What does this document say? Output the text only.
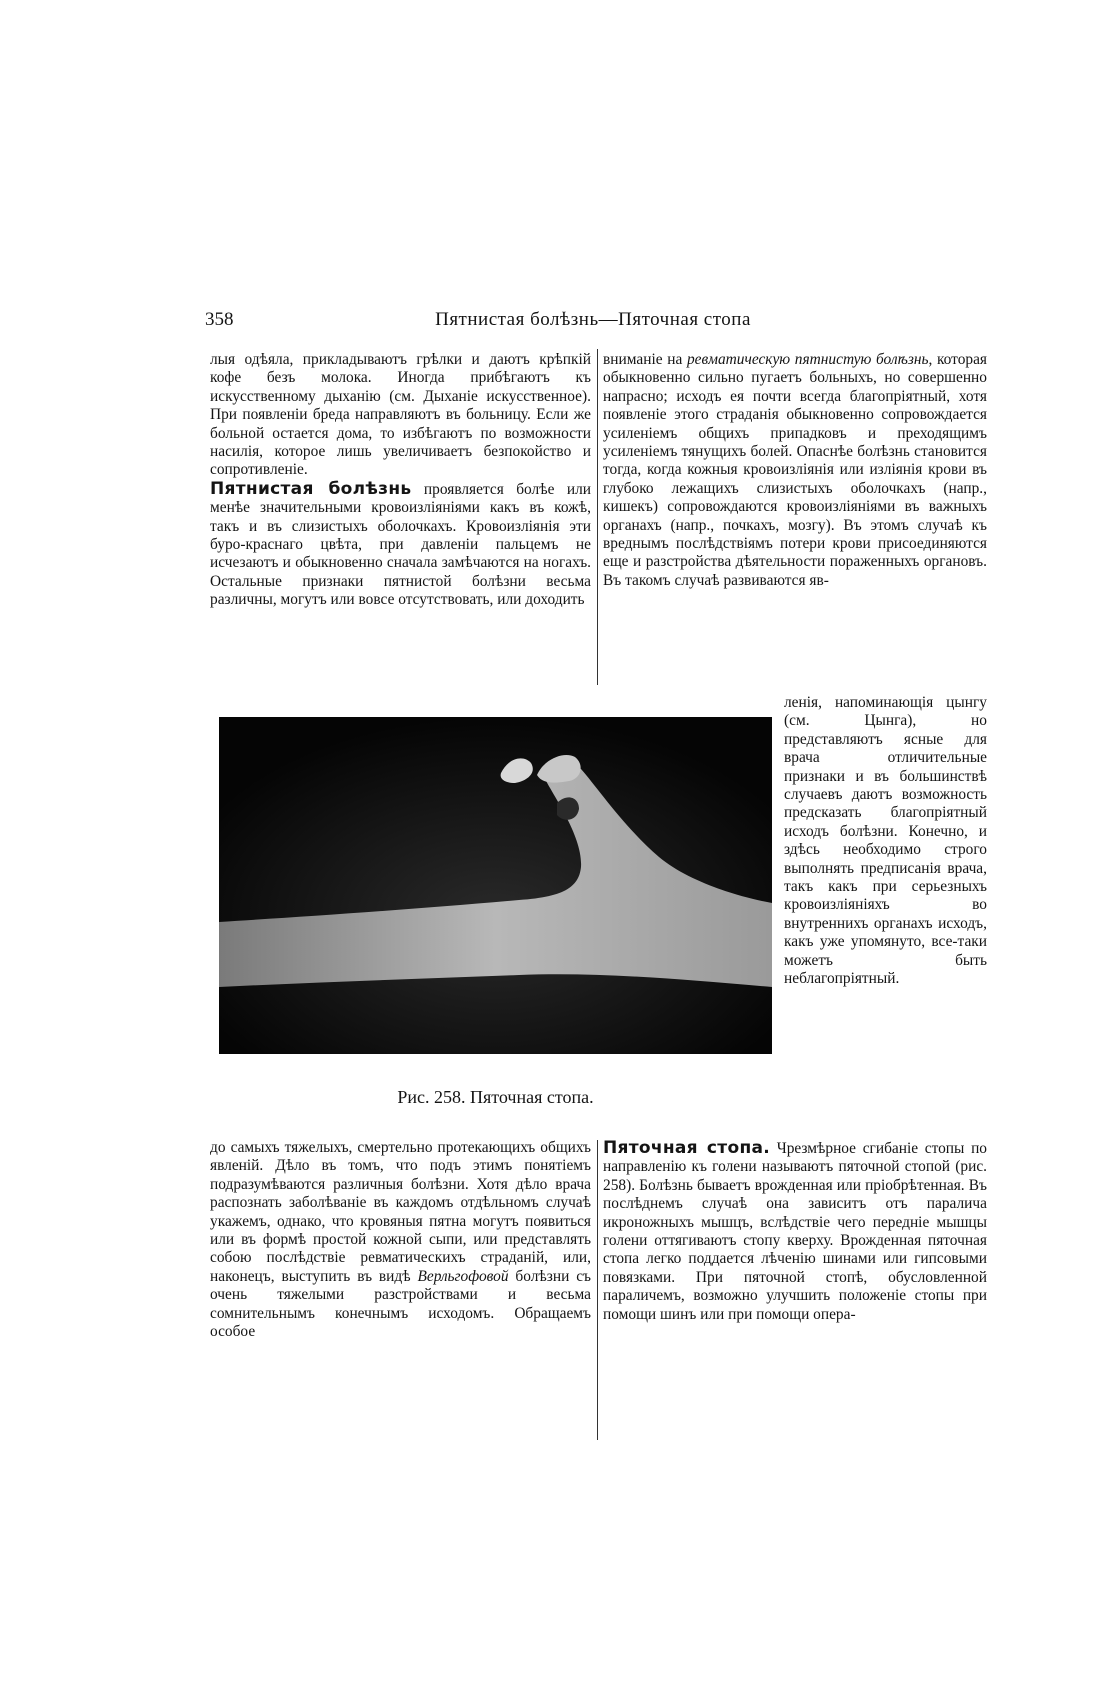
358	Пятнистая болѣзнь—Пяточная стопа

лыя одѣяла, прикладываютъ грѣлки и даютъ крѣпкій кофе безъ молока. Иногда прибѣгаютъ къ искусственному дыханію (см. Дыханіе искусственное). При появленіи бреда направляютъ въ больницу. Если же больной остается дома, то избѣгаютъ по возможности насилія, которое лишь увеличиваетъ безпокойство и сопротивленіе.

Пятнистая болѣзнь проявляется болѣе или менѣе значительными кровоизліяніями какъ въ кожѣ, такъ и въ слизистыхъ оболочкахъ. Кровоизліянія эти буро-краснаго цвѣта, при давленіи пальцемъ не исчезаютъ и обыкновенно сначала замѣчаются на ногахъ. Остальные признаки пятнистой болѣзни весьма различны, могутъ или вовсе отсутствовать, или доходить

вниманіе на ревматическую пятнистую болѣзнь, которая обыкновенно сильно пугаетъ больныхъ, но совершенно напрасно; исходъ ея почти всегда благопріятный, хотя появленіе этого страданія обыкновенно сопровождается усиленіемъ общихъ припадковъ и преходящимъ усиленіемъ тянущихъ болей. Опаснѣе болѣзнь становится тогда, когда кожныя кровоизліянія или изліянія крови въ глубоко лежащихъ слизистыхъ оболочкахъ (напр., кишекъ) сопровождаются кровоизліяніями въ важныхъ органахъ (напр., почкахъ, мозгу). Въ этомъ случаѣ къ вреднымъ послѣдствіямъ потери крови присоединяются еще и разстройства дѣятельности пораженныхъ органовъ. Въ такомъ случаѣ развиваются яв-

ленія, напоминающія цынгу (см. Цынга), но представляютъ ясные для врача отличительные признаки и въ большинствѣ случаевъ даютъ возможность предсказать благопріятный исходъ болѣзни. Конечно, и здѣсь необходимо строго выполнять предписанія врача, такъ какъ при серьезныхъ кровоизліяніяхъ во внутреннихъ органахъ исходъ, какъ уже упомянуто, все-таки можетъ быть неблагопріятный.

Рис. 258. Пяточная стопа.

до самыхъ тяжелыхъ, смертельно протекающихъ общихъ явленій. Дѣло въ томъ, что подъ этимъ понятіемъ подразумѣваются различныя болѣзни. Хотя дѣло врача распознать заболѣваніе въ каждомъ отдѣльномъ случаѣ укажемъ, однако, что кровяныя пятна могутъ появиться или въ формѣ простой кожной сыпи, или представлять собою послѣдствіе ревматическихъ страданій, или, наконецъ, выступить въ видѣ Верльгофовой болѣзни съ очень тяжелыми разстройствами и весьма сомнительнымъ конечнымъ исходомъ. Обращаемъ особое

Пяточная стопа. Чрезмѣрное сгибаніе стопы по направленію къ голени называютъ пяточной стопой (рис. 258). Болѣзнь бываетъ врожденная или пріобрѣтенная. Въ послѣднемъ случаѣ она зависитъ отъ паралича икроножныхъ мышцъ, вслѣдствіе чего передніе мышцы голени оттягиваютъ стопу кверху. Врожденная пяточная стопа легко поддается лѣченію шинами или гипсовыми повязками. При пяточной стопѣ, обусловленной параличемъ, возможно улучшить положеніе стопы при помощи шинъ или при помощи опера-
